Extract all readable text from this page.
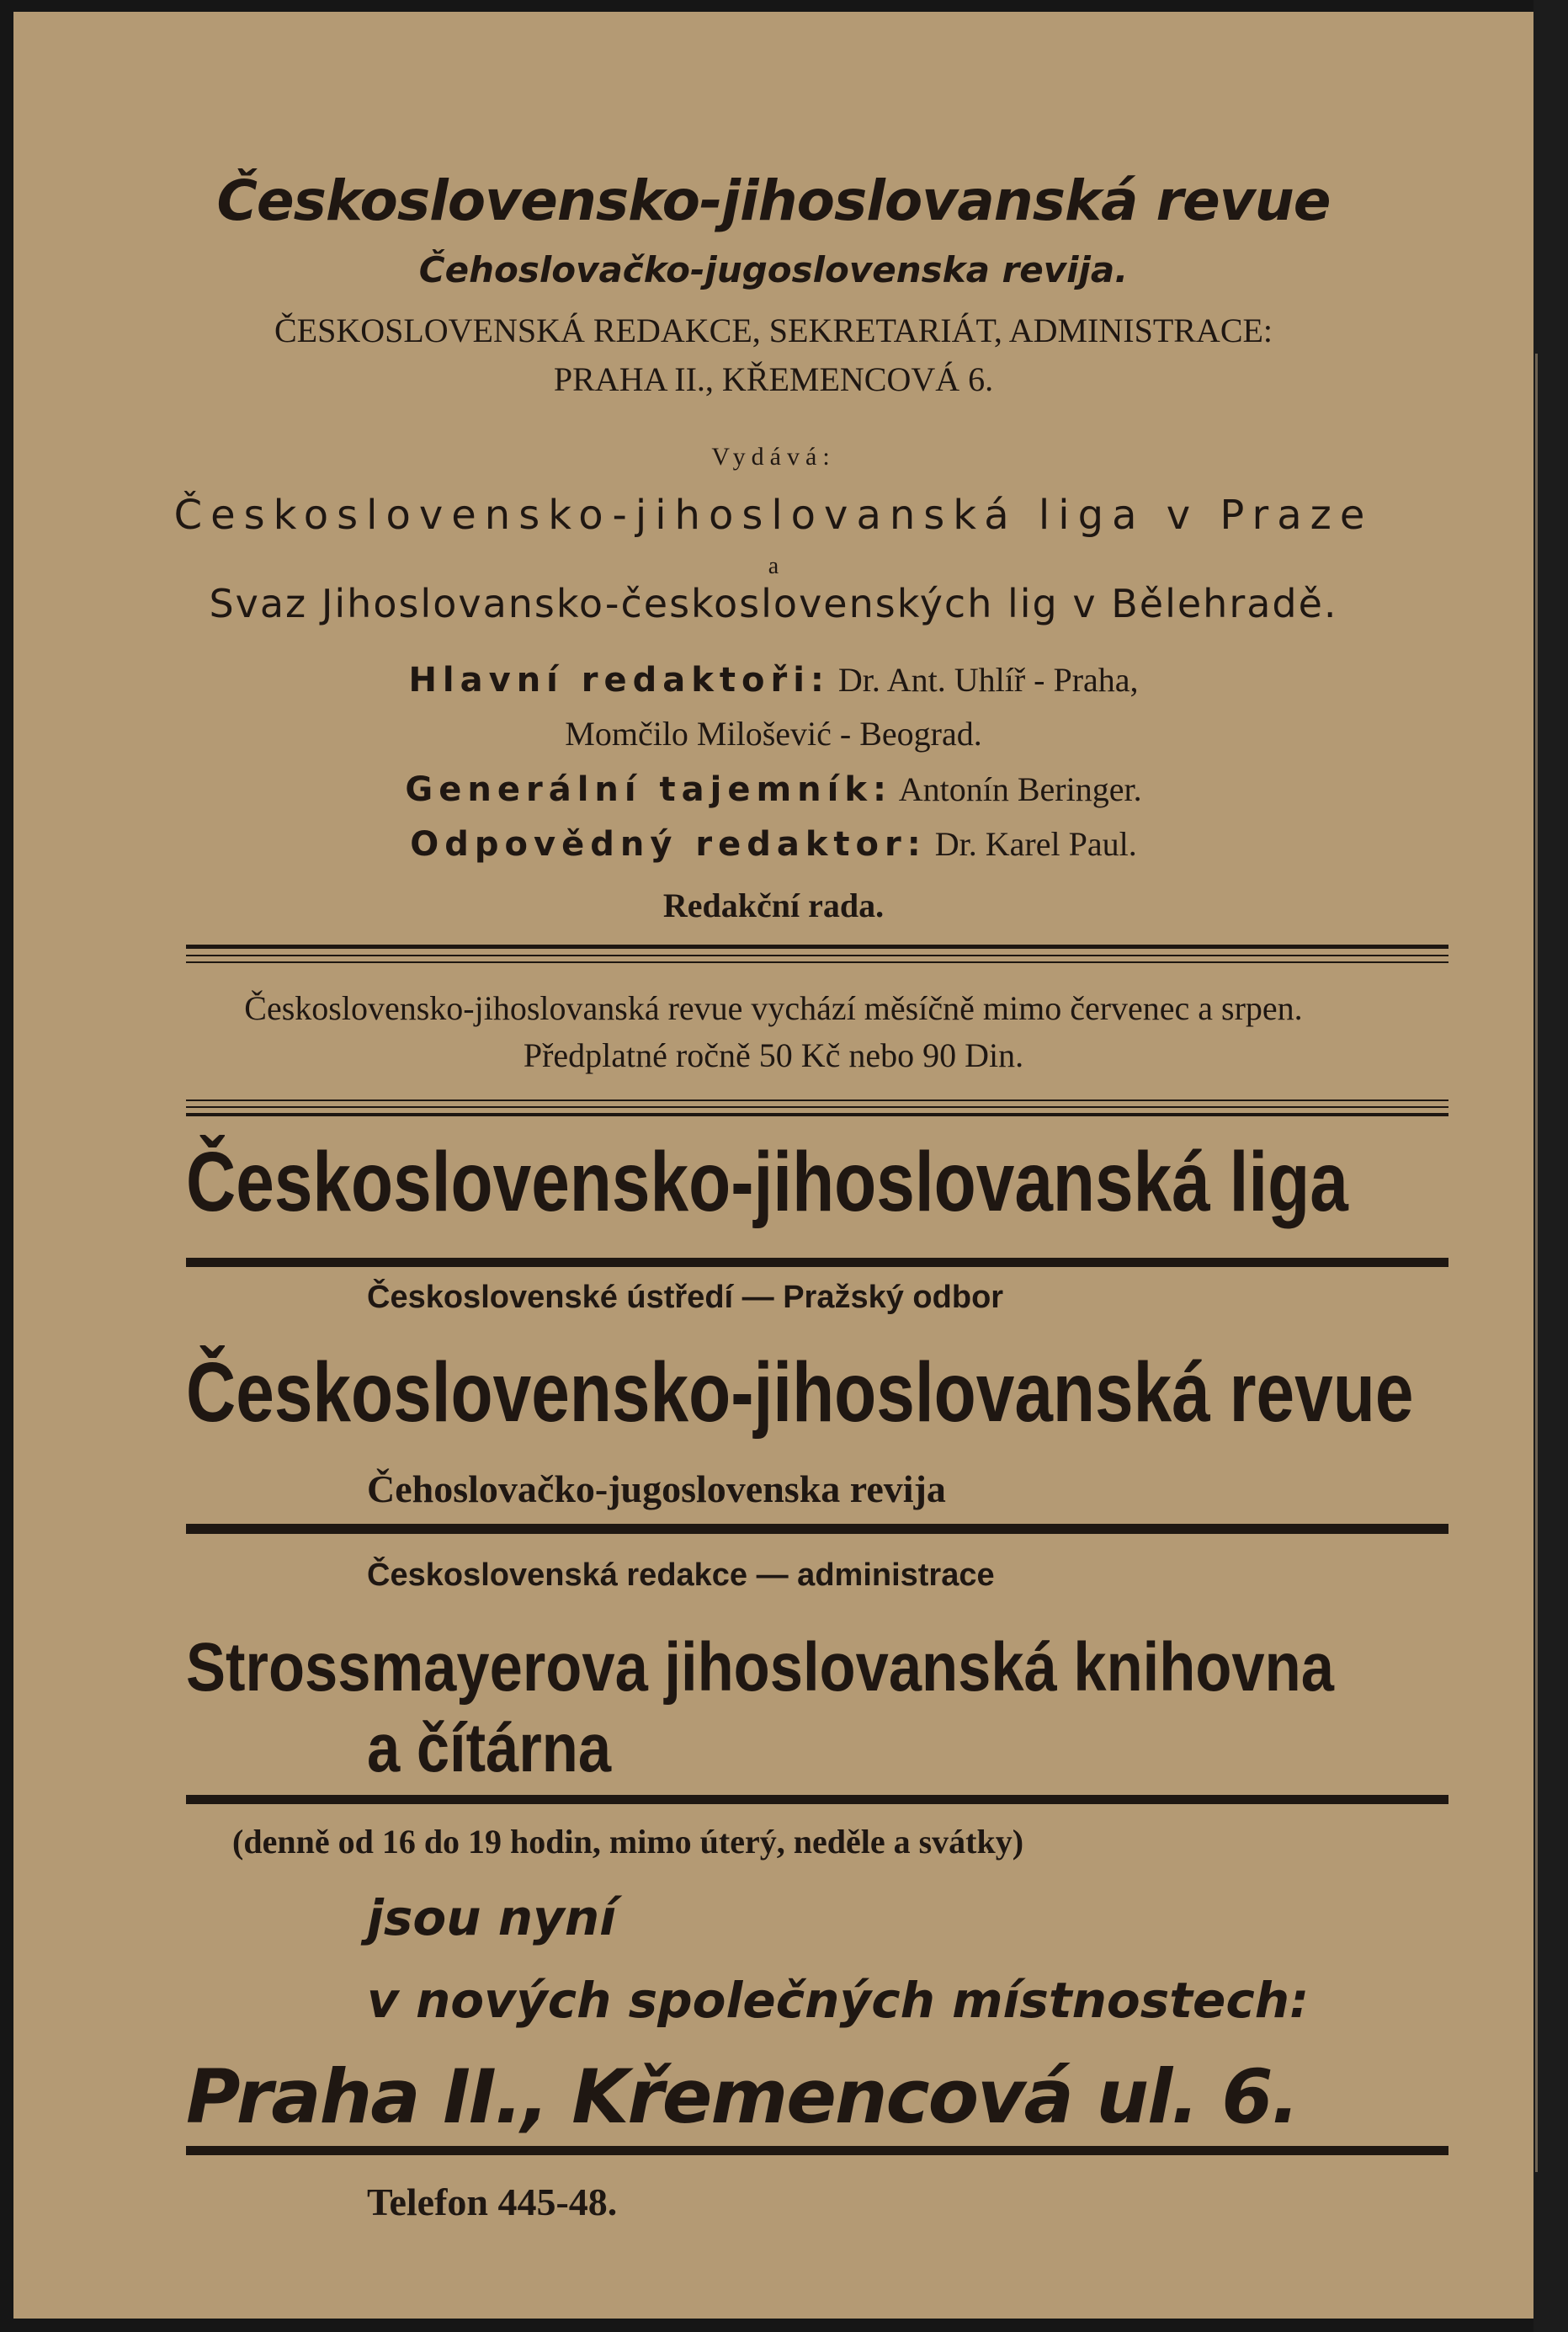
Československo-jihoslovanská revue
Čehoslovačko-jugoslovenska revija.
ČESKOSLOVENSKÁ REDAKCE, SEKRETARIÁT, ADMINISTRACE:
PRAHA II., KŘEMENCOVÁ 6.
Vydává:
Československo-jihoslovanská liga v Praze
a
Svaz Jihoslovansko-československých lig v Bělehradě.
Hlavní redaktoři: Dr. Ant. Uhlíř - Praha,
Momčilo Milošević - Beograd.
Generální tajemník: Antonín Beringer.
Odpovědný redaktor: Dr. Karel Paul.
Redakční rada.
Československo-jihoslovanská revue vychází měsíčně mimo červenec a srpen.
Předplatné ročně 50 Kč nebo 90 Din.
Československo-jihoslovanská liga
Československé ústředí — Pražský odbor
Československo-jihoslovanská revue
Čehoslovačko-jugoslovenska revija
Československá redakce — administrace
Strossmayerova jihoslovanská knihovna
a čítárna
(denně od 16 do 19 hodin, mimo úterý, neděle a svátky)
jsou nyní
v nových společných místnostech:
Praha II., Křemencová ul. 6.
Telefon 445-48.
